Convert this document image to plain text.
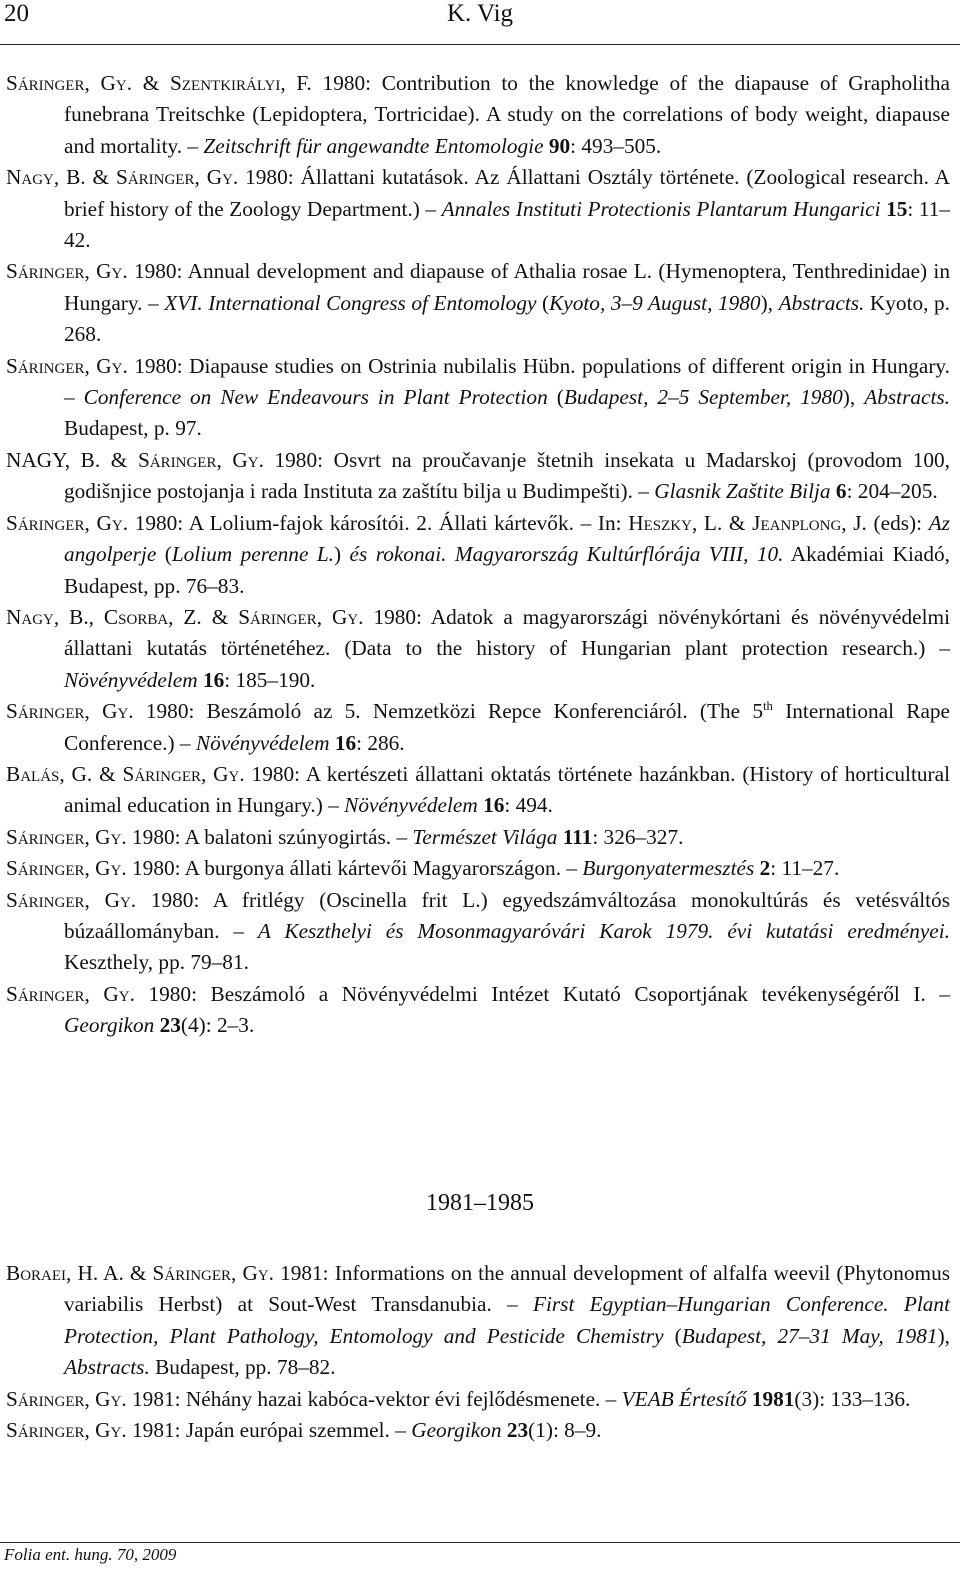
20	K. Vig

Sáringer, Gy. & Szentkirályi, F. 1980: Contribution to the knowledge of the diapause of Grapholitha funebrana Treitschke (Lepidoptera, Tortricidae). A study on the correlations of body weight, diapause and mortality. – Zeitschrift für angewandte Entomologie 90: 493–505.

Nagy, B. & Sáringer, Gy. 1980: Állattani kutatások. Az Állattani Osztály története. (Zoological research. A brief history of the Zoology Department.) – Annales Instituti Protectionis Plantarum Hungarici 15: 11–42.

Sáringer, Gy. 1980: Annual development and diapause of Athalia rosae L. (Hymenoptera, Tenthredinidae) in Hungary. – XVI. International Congress of Entomology (Kyoto, 3–9 August, 1980), Abstracts. Kyoto, p. 268.

Sáringer, Gy. 1980: Diapause studies on Ostrinia nubilalis Hübn. populations of different origin in Hungary. – Conference on New Endeavours in Plant Protection (Budapest, 2–5 September, 1980), Abstracts. Budapest, p. 97.

NAGY, B. & Sáringer, Gy. 1980: Osvrt na proučavanje štetnih insekata u Madarskoj (provodom 100, godišnjice postojanja i rada Instituta za zaštítu bilja u Budimpešti). – Glasnik Zaštite Bilja 6: 204–205.

Sáringer, Gy. 1980: A Lolium-fajok károsítói. 2. Állati kártevők. – In: Heszky, L. & Jeanplong, J. (eds): Az angolperje (Lolium perenne L.) és rokonai. Magyarország Kultúrflórája VIII, 10. Akadémiai Kiadó, Budapest, pp. 76–83.

Nagy, B., Csorba, Z. & Sáringer, Gy. 1980: Adatok a magyarországi növénykórtani és növényvédelmi állattani kutatás történetéhez. (Data to the history of Hungarian plant protection research.) – Növényvédelem 16: 185–190.

Sáringer, Gy. 1980: Beszámoló az 5. Nemzetközi Repce Konferenciáról. (The 5th International Rape Conference.) – Növényvédelem 16: 286.

Balás, G. & Sáringer, Gy. 1980: A kertészeti állattani oktatás története hazánkban. (History of horticultural animal education in Hungary.) – Növényvédelem 16: 494.

Sáringer, Gy. 1980: A balatoni szúnyogirtás. – Természet Világa 111: 326–327.

Sáringer, Gy. 1980: A burgonya állati kártevői Magyarországon. – Burgonyatermesztés 2: 11–27.

Sáringer, Gy. 1980: A fritlégy (Oscinella frit L.) egyedszámváltozása monokultúrás és vetésváltós búzaállományban. – A Keszthelyi és Mosonmagyaróvári Karok 1979. évi kutatási eredményei. Keszthely, pp. 79–81.

Sáringer, Gy. 1980: Beszámoló a Növényvédelmi Intézet Kutató Csoportjának tevékenységéről I. – Georgikon 23(4): 2–3.

1981–1985

Boraei, H. A. & Sáringer, Gy. 1981: Informations on the annual development of alfalfa weevil (Phytonomus variabilis Herbst) at Sout-West Transdanubia. – First Egyptian–Hungarian Conference. Plant Protection, Plant Pathology, Entomology and Pesticide Chemistry (Budapest, 27–31 May, 1981), Abstracts. Budapest, pp. 78–82.

Sáringer, Gy. 1981: Néhány hazai kabóca-vektor évi fejlődésmenete. – VEAB Értesítő 1981(3): 133–136.

Sáringer, Gy. 1981: Japán európai szemmel. – Georgikon 23(1): 8–9.

Folia ent. hung. 70, 2009
